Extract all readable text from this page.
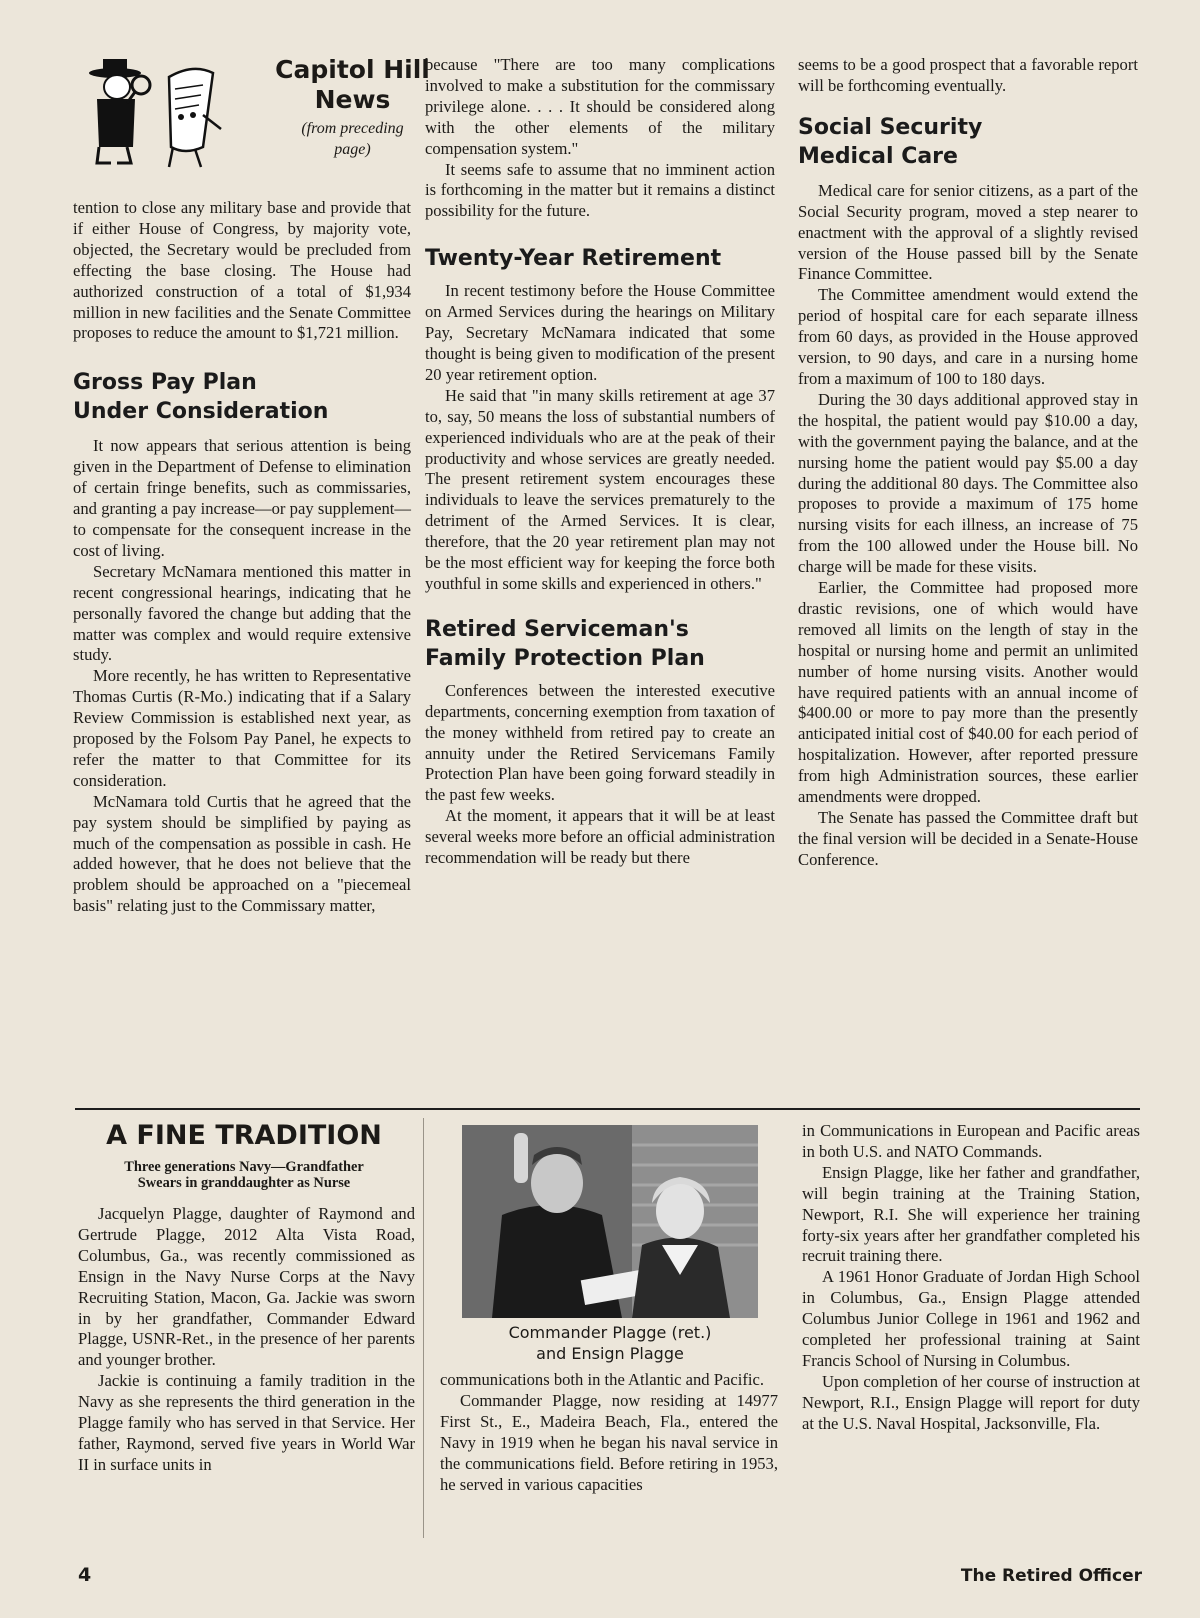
Capitol Hill
News
(from preceding
page)

tention to close any military base and provide that if either House of Congress, by majority vote, objected, the Secretary would be precluded from effecting the base closing. The House had authorized construction of a total of $1,934 million in new facilities and the Senate Committee proposes to reduce the amount to $1,721 million.

Gross Pay Plan
Under Consideration

It now appears that serious attention is being given in the Department of Defense to elimination of certain fringe benefits, such as commissaries, and granting a pay increase—or pay supplement—to compensate for the consequent increase in the cost of living.

Secretary McNamara mentioned this matter in recent congressional hearings, indicating that he personally favored the change but adding that the matter was complex and would require extensive study.

More recently, he has written to Representative Thomas Curtis (R-Mo.) indicating that if a Salary Review Commission is established next year, as proposed by the Folsom Pay Panel, he expects to refer the matter to that Committee for its consideration.

McNamara told Curtis that he agreed that the pay system should be simplified by paying as much of the compensation as possible in cash. He added however, that he does not believe that the problem should be approached on a "piecemeal basis" relating just to the Commissary matter,

because "There are too many complications involved to make a substitution for the commissary privilege alone. . . . It should be considered along with the other elements of the military compensation system."

It seems safe to assume that no imminent action is forthcoming in the matter but it remains a distinct possibility for the future.

Twenty-Year Retirement

In recent testimony before the House Committee on Armed Services during the hearings on Military Pay, Secretary McNamara indicated that some thought is being given to modification of the present 20 year retirement option.

He said that "in many skills retirement at age 37 to, say, 50 means the loss of substantial numbers of experienced individuals who are at the peak of their productivity and whose services are greatly needed. The present retirement system encourages these individuals to leave the services prematurely to the detriment of the Armed Services. It is clear, therefore, that the 20 year retirement plan may not be the most efficient way for keeping the force both youthful in some skills and experienced in others."

Retired Serviceman's
Family Protection Plan

Conferences between the interested executive departments, concerning exemption from taxation of the money withheld from retired pay to create an annuity under the Retired Servicemans Family Protection Plan have been going forward steadily in the past few weeks.

At the moment, it appears that it will be at least several weeks more before an official administration recommendation will be ready but there

seems to be a good prospect that a favorable report will be forthcoming eventually.

Social Security
Medical Care

Medical care for senior citizens, as a part of the Social Security program, moved a step nearer to enactment with the approval of a slightly revised version of the House passed bill by the Senate Finance Committee.

The Committee amendment would extend the period of hospital care for each separate illness from 60 days, as provided in the House approved version, to 90 days, and care in a nursing home from a maximum of 100 to 180 days.

During the 30 days additional approved stay in the hospital, the patient would pay $10.00 a day, with the government paying the balance, and at the nursing home the patient would pay $5.00 a day during the additional 80 days. The Committee also proposes to provide a maximum of 175 home nursing visits for each illness, an increase of 75 from the 100 allowed under the House bill. No charge will be made for these visits.

Earlier, the Committee had proposed more drastic revisions, one of which would have removed all limits on the length of stay in the hospital or nursing home and permit an unlimited number of home nursing visits. Another would have required patients with an annual income of $400.00 or more to pay more than the presently anticipated initial cost of $40.00 for each period of hospitalization. However, after reported pressure from high Administration sources, these earlier amendments were dropped.

The Senate has passed the Committee draft but the final version will be decided in a Senate-House Conference.

A FINE TRADITION
Three generations Navy—Grandfather
Swears in granddaughter as Nurse

Jacquelyn Plagge, daughter of Raymond and Gertrude Plagge, 2012 Alta Vista Road, Columbus, Ga., was recently commissioned as Ensign in the Navy Nurse Corps at the Navy Recruiting Station, Macon, Ga. Jackie was sworn in by her grandfather, Commander Edward Plagge, USNR-Ret., in the presence of her parents and younger brother.

Jackie is continuing a family tradition in the Navy as she represents the third generation in the Plagge family who has served in that Service. Her father, Raymond, served five years in World War II in surface units in

Commander Plagge (ret.)
and Ensign Plagge

communications both in the Atlantic and Pacific.

Commander Plagge, now residing at 14977 First St., E., Madeira Beach, Fla., entered the Navy in 1919 when he began his naval service in the communications field. Before retiring in 1953, he served in various capacities

in Communications in European and Pacific areas in both U.S. and NATO Commands.

Ensign Plagge, like her father and grandfather, will begin training at the Training Station, Newport, R.I. She will experience her training forty-six years after her grandfather completed his recruit training there.

A 1961 Honor Graduate of Jordan High School in Columbus, Ga., Ensign Plagge attended Columbus Junior College in 1961 and 1962 and completed her professional training at Saint Francis School of Nursing in Columbus.

Upon completion of her course of instruction at Newport, R.I., Ensign Plagge will report for duty at the U.S. Naval Hospital, Jacksonville, Fla.

4	The Retired Officer
